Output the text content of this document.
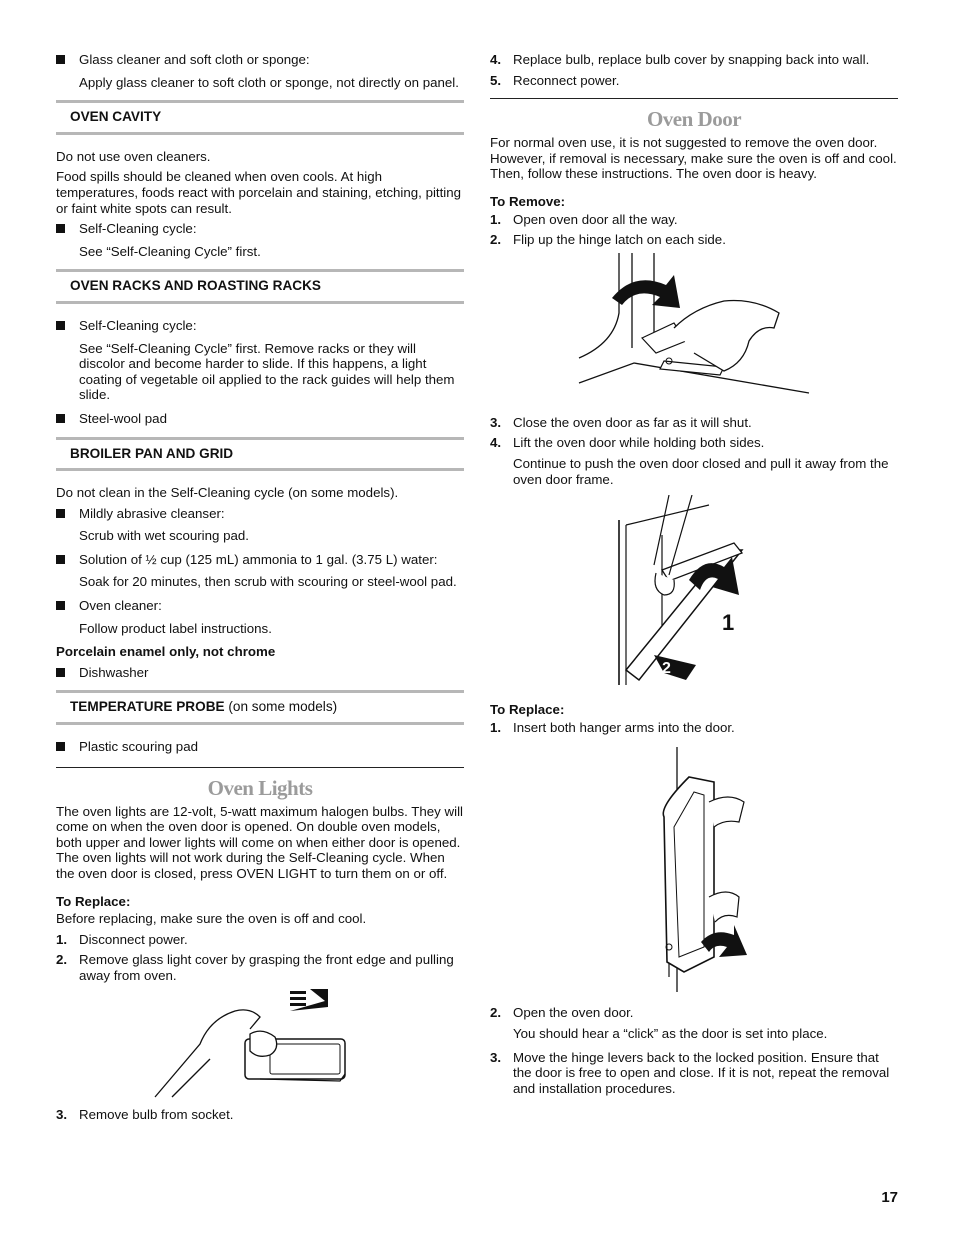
Glass cleaner and soft cloth or sponge:

Apply glass cleaner to soft cloth or sponge, not directly on panel.

OVEN CAVITY

Do not use oven cleaners.

Food spills should be cleaned when oven cools. At high temperatures, foods react with porcelain and staining, etching, pitting or faint white spots can result.

Self-Cleaning cycle:

See “Self-Cleaning Cycle” first.

OVEN RACKS AND ROASTING RACKS
Self-Cleaning cycle:

See “Self-Cleaning Cycle” first. Remove racks or they will discolor and become harder to slide. If this happens, a light coating of vegetable oil applied to the rack guides will help them slide.

Steel-wool pad
BROILER PAN AND GRID

Do not clean in the Self-Cleaning cycle (on some models).

Mildly abrasive cleanser:

Scrub with wet scouring pad.

Solution of ½ cup (125 mL) ammonia to 1 gal. (3.75 L) water:

Soak for 20 minutes, then scrub with scouring or steel-wool pad.

Oven cleaner:

Follow product label instructions.

Porcelain enamel only, not chrome

Dishwasher
TEMPERATURE PROBE (on some models)
Plastic scouring pad
Oven Lights

The oven lights are 12-volt, 5-watt maximum halogen bulbs. They will come on when the oven door is opened. On double oven models, both upper and lower lights will come on when either door is opened. The oven lights will not work during the Self-Cleaning cycle. When the oven door is closed, press OVEN LIGHT to turn them on or off.

To Replace:

Before replacing, make sure the oven is off and cool.

1. Disconnect power.
2. Remove glass light cover by grasping the front edge and pulling away from oven.
3. Remove bulb from socket.
4. Replace bulb, replace bulb cover by snapping back into wall.
5. Reconnect power.
Oven Door

For normal oven use, it is not suggested to remove the oven door. However, if removal is necessary, make sure the oven is off and cool. Then, follow these instructions. The oven door is heavy.

To Remove:

1. Open oven door all the way.
2. Flip up the hinge latch on each side.
3. Close the oven door as far as it will shut.
4. Lift the oven door while holding both sides.

Continue to push the oven door closed and pull it away from the oven door frame.

1
2

To Replace:

1. Insert both hanger arms into the door.
2. Open the oven door.

You should hear a “click” as the door is set into place.

3. Move the hinge levers back to the locked position. Ensure that the door is free to open and close. If it is not, repeat the removal and installation procedures.
17
